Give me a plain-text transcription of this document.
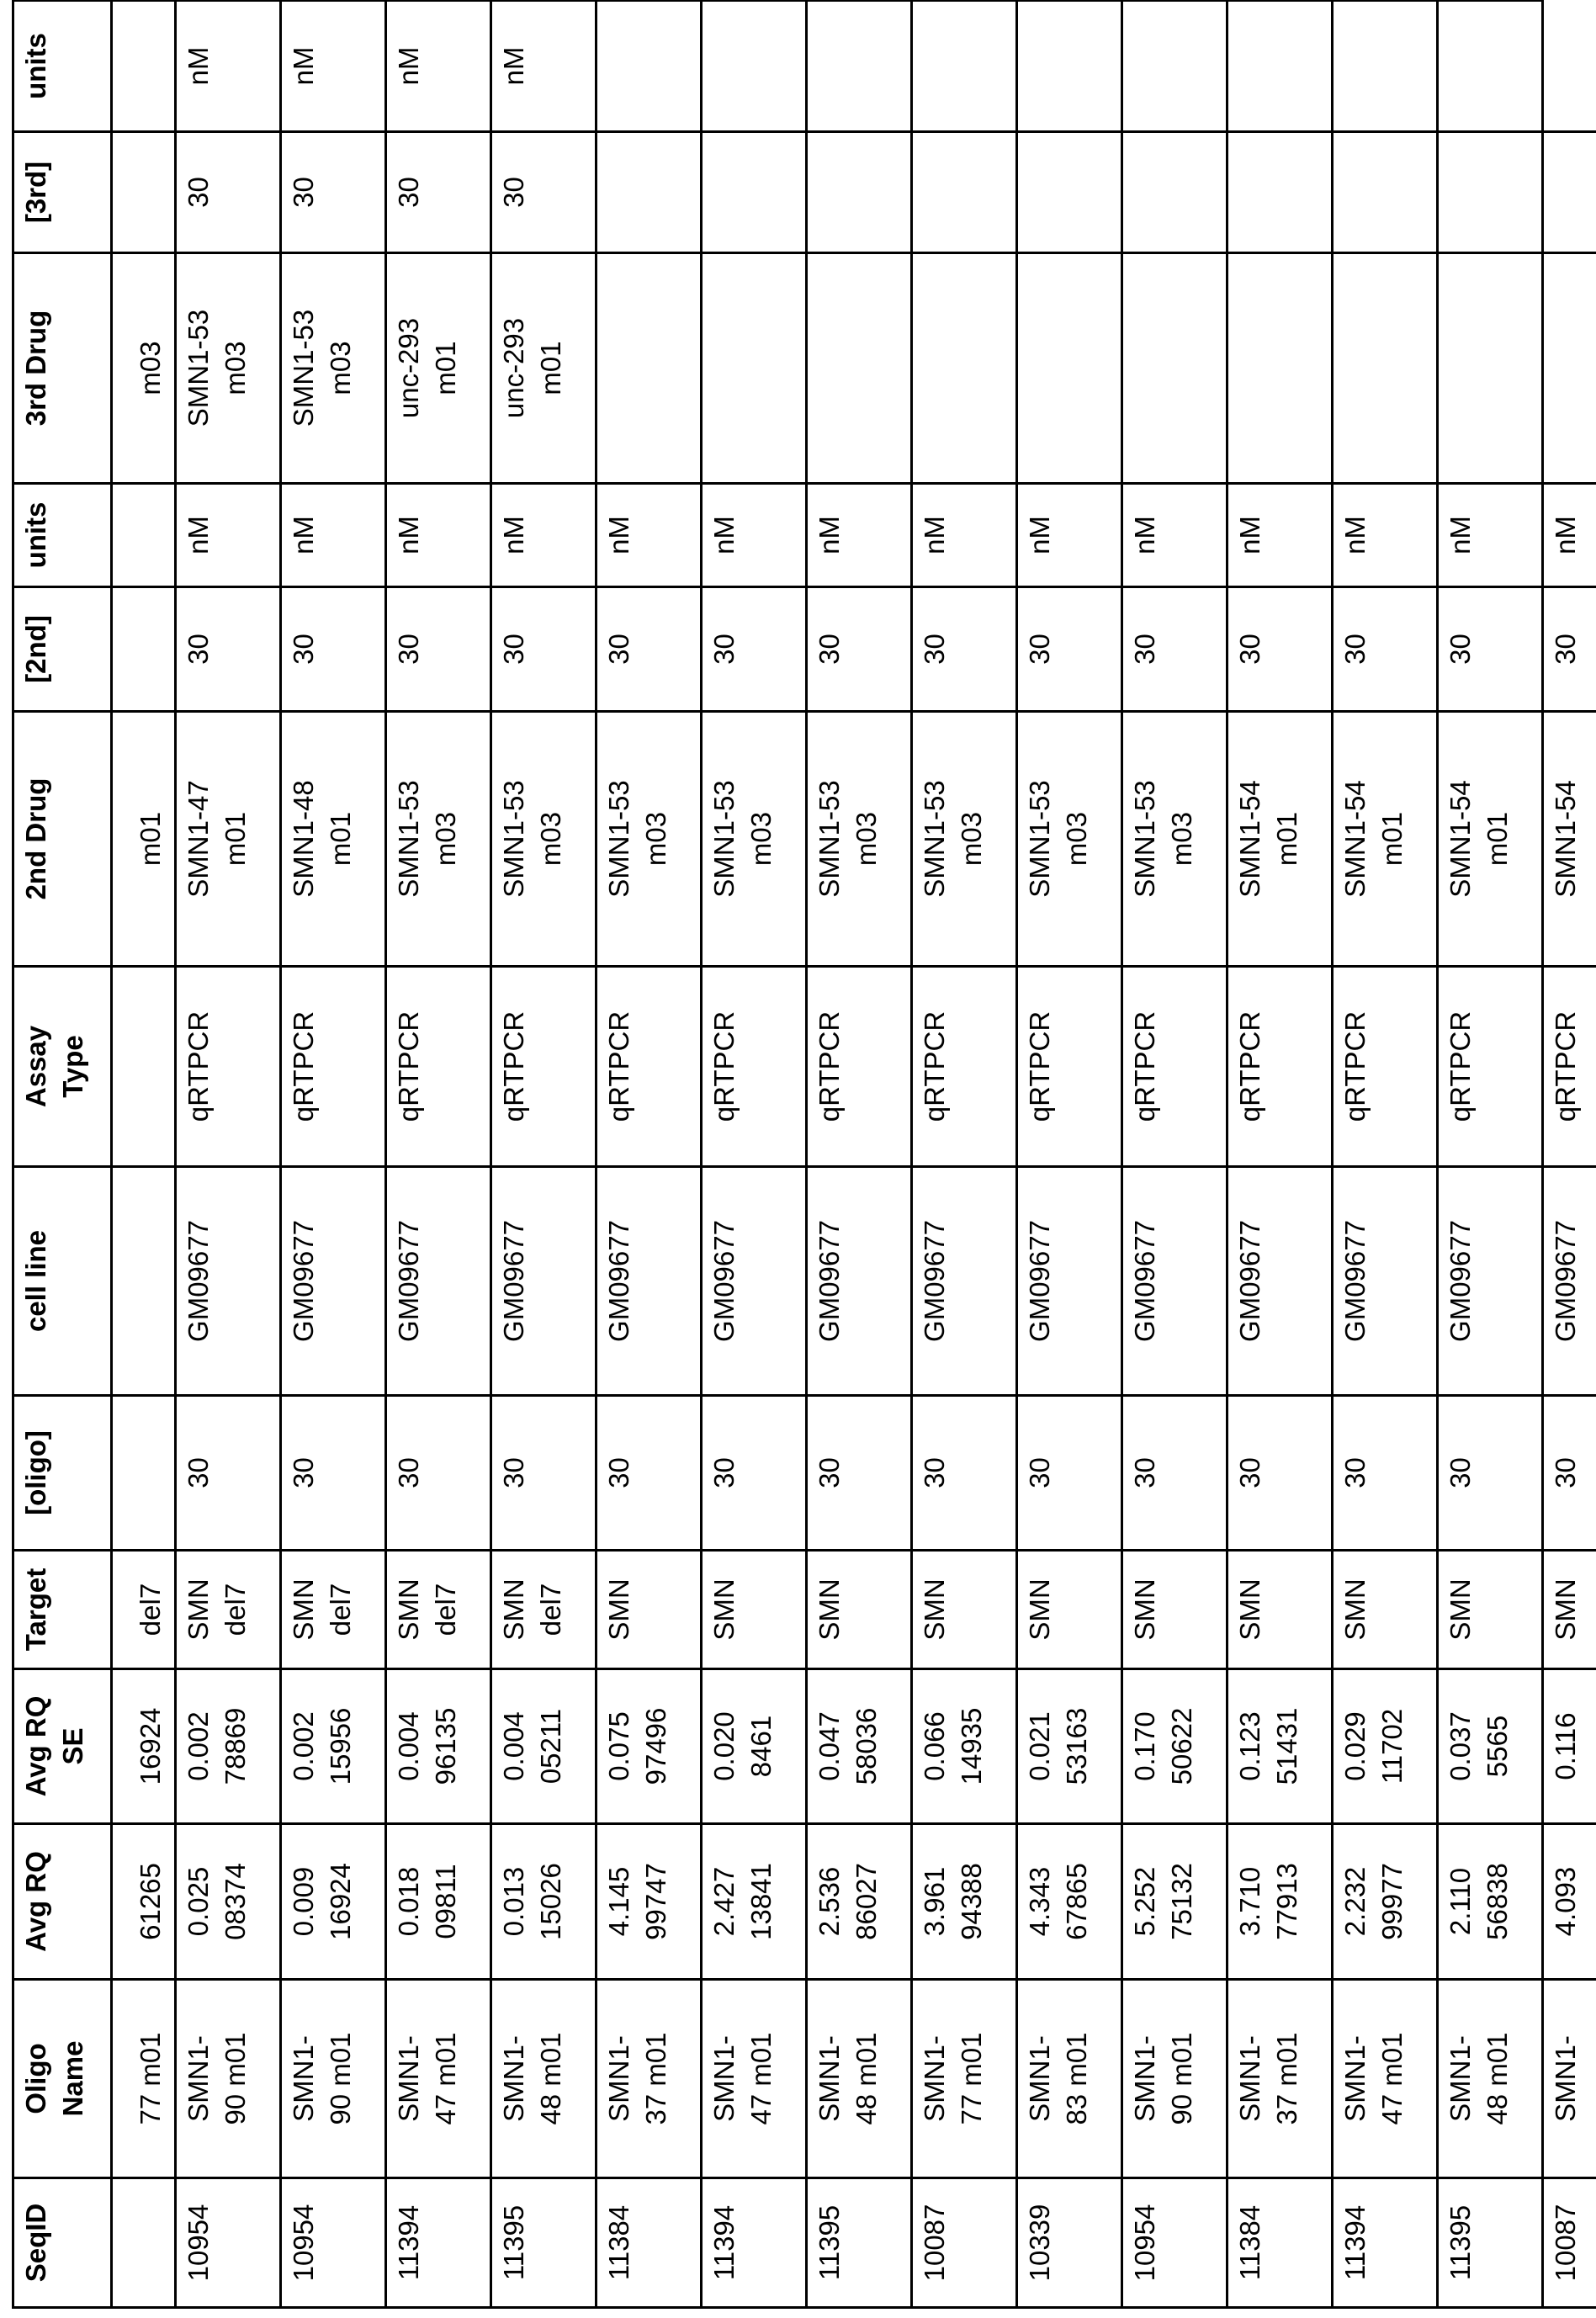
SeqID	Oligo Name	Avg RQ	Avg RQ SE	Target	[oligo]	cell line	Assay Type	2nd Drug	[2nd]	units	3rd Drug	[3rd]	units
	77 m01	61265	16924	del7				m01			m03		
10954	SMN1-90 m01	0.02508374	0.00278869	SMN del7	30	GM09677	qRTPCR	SMN1-47 m01	30	nM	SMN1-53 m03	30	nM
10954	SMN1-90 m01	0.00916924	0.00215956	SMN del7	30	GM09677	qRTPCR	SMN1-48 m01	30	nM	SMN1-53 m03	30	nM
11394	SMN1-47 m01	0.01809811	0.00496135	SMN del7	30	GM09677	qRTPCR	SMN1-53 m03	30	nM	unc-293 m01	30	nM
11395	SMN1-48 m01	0.01315026	0.00405211	SMN del7	30	GM09677	qRTPCR	SMN1-53 m03	30	nM	unc-293 m01	30	nM
11384	SMN1-37 m01	4.14599747	0.07597496	SMN	30	GM09677	qRTPCR	SMN1-53 m03	30	nM			
11394	SMN1-47 m01	2.42713841	0.0208461	SMN	30	GM09677	qRTPCR	SMN1-53 m03	30	nM			
11395	SMN1-48 m01	2.53686027	0.04758036	SMN	30	GM09677	qRTPCR	SMN1-53 m03	30	nM			
10087	SMN1-77 m01	3.96194388	0.06614935	SMN	30	GM09677	qRTPCR	SMN1-53 m03	30	nM			
10339	SMN1-83 m01	4.34367865	0.02153163	SMN	30	GM09677	qRTPCR	SMN1-53 m03	30	nM			
10954	SMN1-90 m01	5.25275132	0.17050622	SMN	30	GM09677	qRTPCR	SMN1-53 m03	30	nM			
11384	SMN1-37 m01	3.71077913	0.12351431	SMN	30	GM09677	qRTPCR	SMN1-54 m01	30	nM			
11394	SMN1-47 m01	2.23299977	0.02911702	SMN	30	GM09677	qRTPCR	SMN1-54 m01	30	nM			
11395	SMN1-48 m01	2.11056838	0.0375565	SMN	30	GM09677	qRTPCR	SMN1-54 m01	30	nM			
10087	SMN1-	4.093	0.116	SMN	30	GM09677	qRTPCR	SMN1-54	30	nM			
